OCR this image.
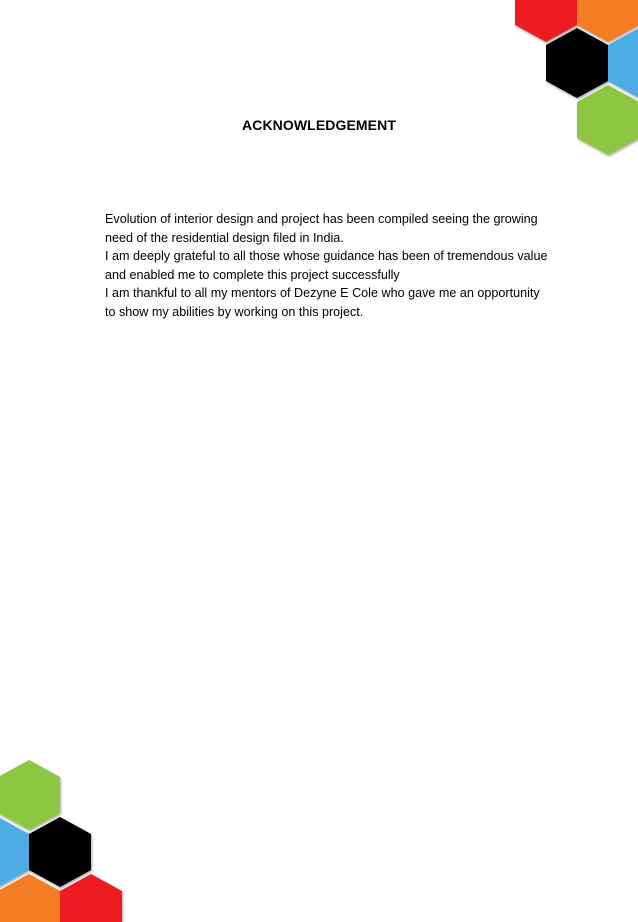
ACKNOWLEDGEMENT
Evolution of interior design and project has been compiled seeing the growing
need of the residential design filed in India.
I am deeply grateful to all those whose guidance has been of tremendous value
and enabled me to complete this project successfully
I am thankful to all my mentors of Dezyne E Cole who gave me an opportunity
to show my abilities by working on this project.
